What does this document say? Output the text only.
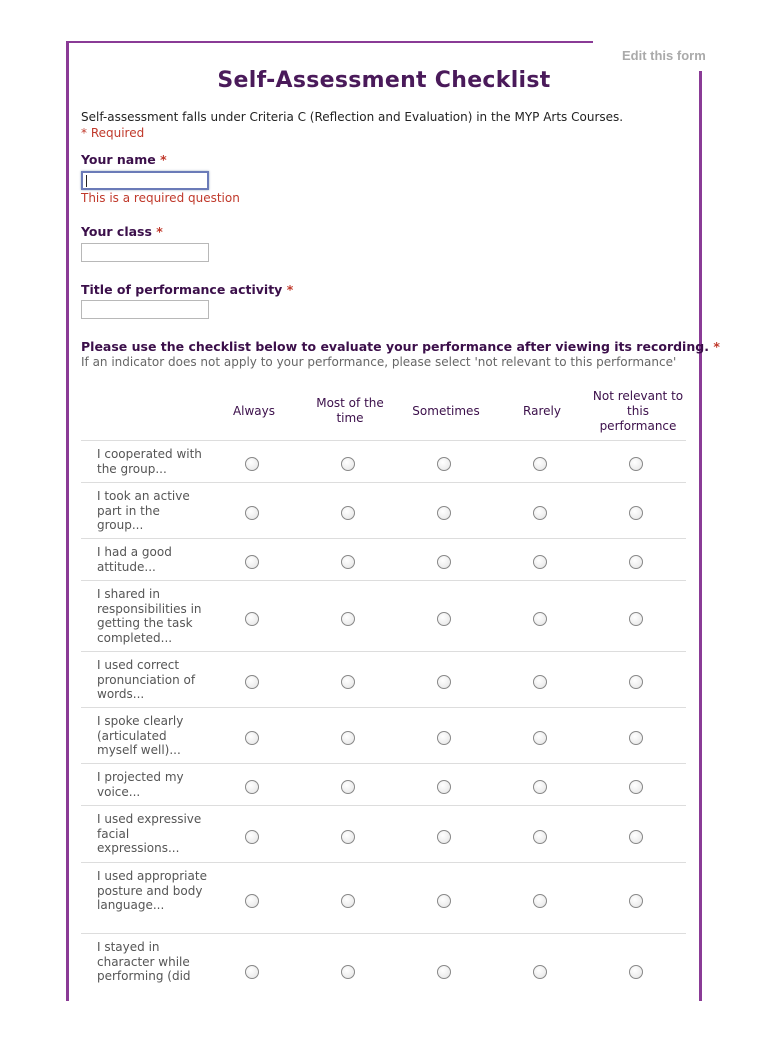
Edit this form
Self-Assessment Checklist
Self-assessment falls under Criteria C (Reflection and Evaluation) in the MYP Arts Courses.
* Required
Your name *
This is a required question
Your class *
Title of performance activity *
Please use the checklist below to evaluate your performance after viewing its recording. *
If an indicator does not apply to your performance, please select 'not relevant to this performance'
Always
Most of the time
Sometimes	Rarely
Not relevant to this performance
I cooperated with the group...
I took an active part in the group...
I had a good attitude...
I shared in responsibilities in getting the task completed...
I used correct pronunciation of words...
I spoke clearly (articulated myself well)...
I projected my voice...
I used expressive facial expressions...
I used appropriate posture and body language...
I stayed in character while performing (did
